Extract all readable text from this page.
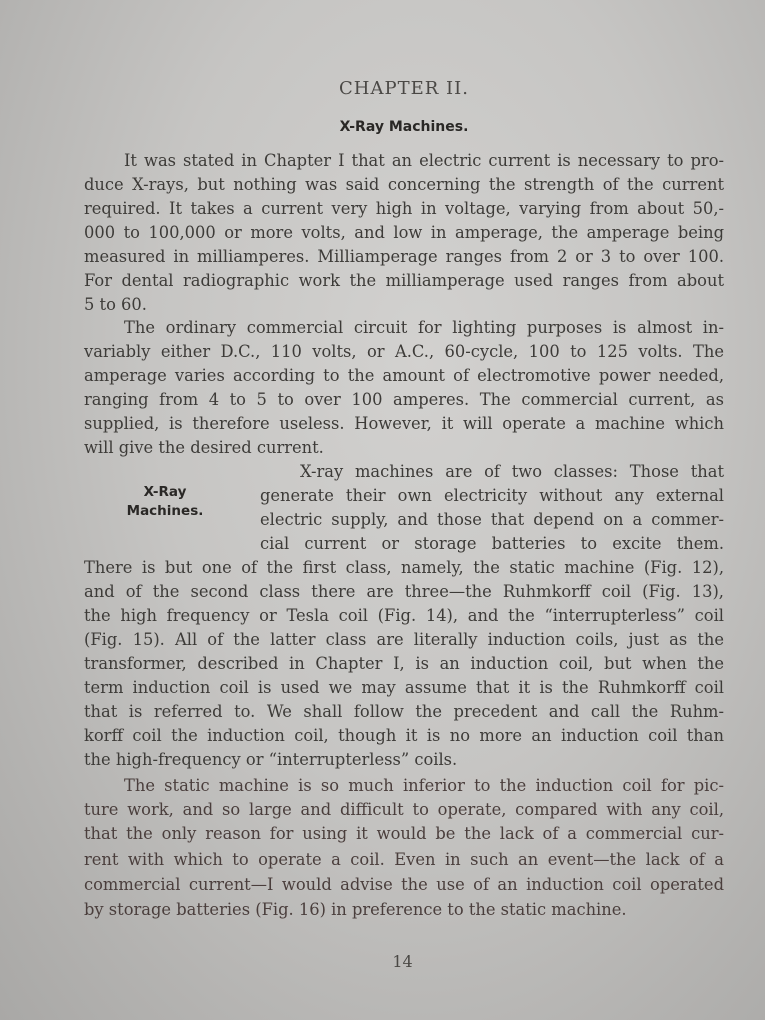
CHAPTER II.
X-Ray Machines.
It was stated in Chapter I that an electric current is necessary to pro-
duce X-rays, but nothing was said concerning the strength of the current
required. It takes a current very high in voltage, varying from about 50,-
000 to 100,000 or more volts, and low in amperage, the amperage being
measured in milliamperes. Milliamperage ranges from 2 or 3 to over 100.
For dental radiographic work the milliamperage used ranges from about
5 to 60.
The ordinary commercial circuit for lighting purposes is almost in-
variably either D.C., 110 volts, or A.C., 60-cycle, 100 to 125 volts. The
amperage varies according to the amount of electromotive power needed,
ranging from 4 to 5 to over 100 amperes. The commercial current, as
supplied, is therefore useless. However, it will operate a machine which
will give the desired current.
X-ray machines are of two classes: Those that
generate their own electricity without any external
electric supply, and those that depend on a commer-
cial current or storage batteries to excite them.
There is but one of the first class, namely, the static machine (Fig. 12),
and of the second class there are three—the Ruhmkorff coil (Fig. 13),
the high frequency or Tesla coil (Fig. 14), and the “interrupterless” coil
(Fig. 15). All of the latter class are literally induction coils, just as the
transformer, described in Chapter I, is an induction coil, but when the
term induction coil is used we may assume that it is the Ruhmkorff coil
that is referred to. We shall follow the precedent and call the Ruhm-
korff coil the induction coil, though it is no more an induction coil than
the high-frequency or “interrupterless” coils.
The static machine is so much inferior to the induction coil for pic-
ture work, and so large and difficult to operate, compared with any coil,
that the only reason for using it would be the lack of a commercial cur-
rent with which to operate a coil. Even in such an event—the lack of a
commercial current—I would advise the use of an induction coil operated
by storage batteries (Fig. 16) in preference to the static machine.
X-Ray
Machines.
14
